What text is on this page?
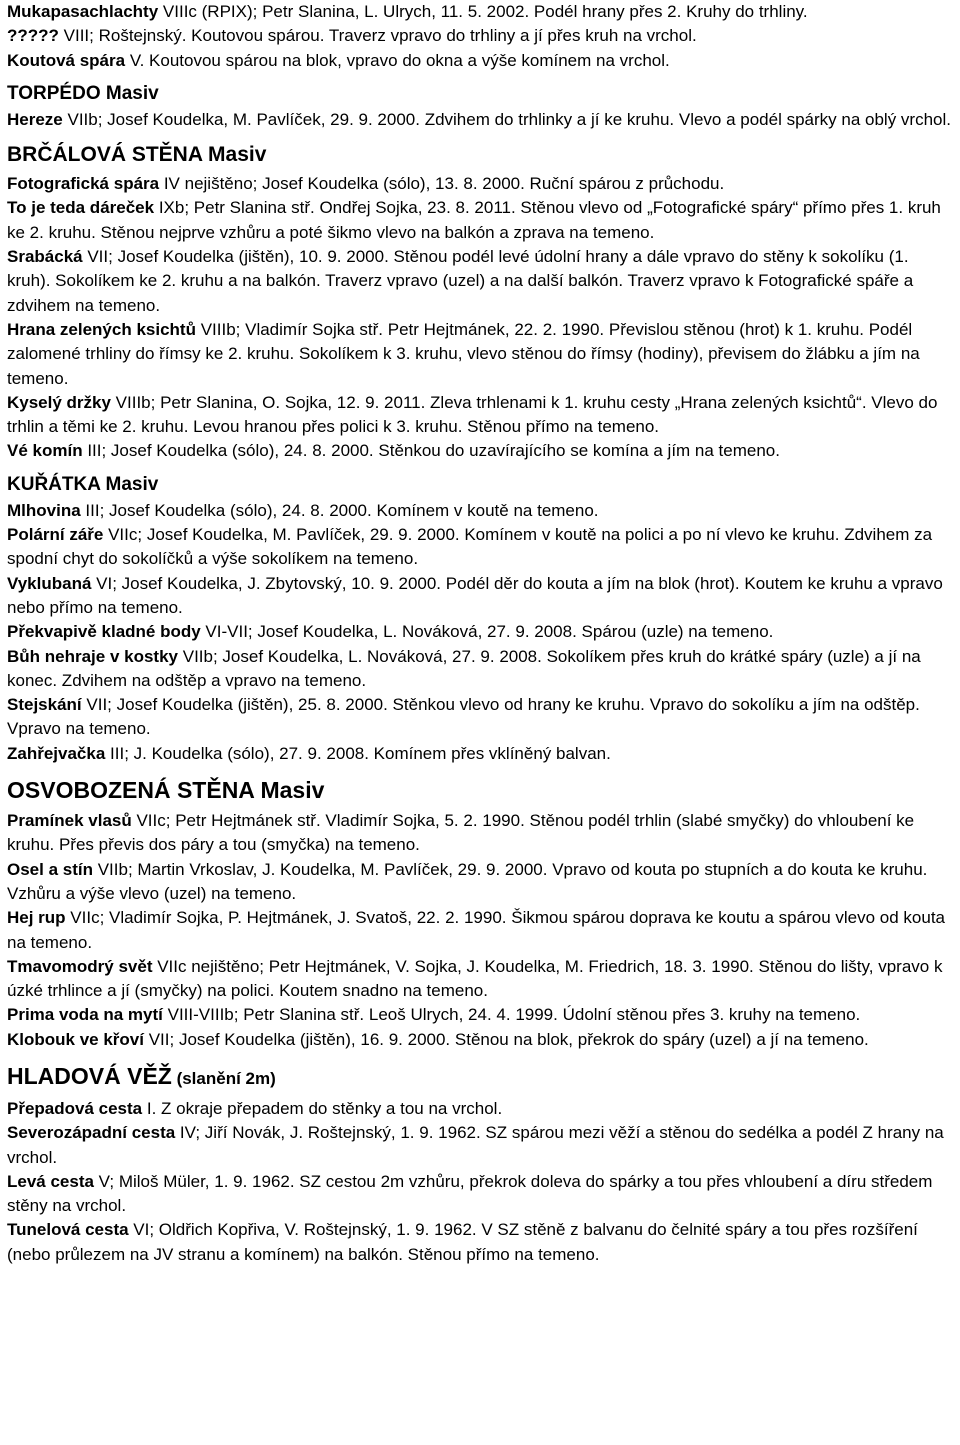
Mukapasachlachty VIIIc (RPIX); Petr Slanina, L. Ulrych, 11. 5. 2002. Podél hrany přes 2. Kruhy do trhliny.

????? VIII; Roštejnský. Koutovou spárou. Traverz vpravo do trhliny a jí přes kruh na vrchol.

Koutová spára V. Koutovou spárou na blok, vpravo do okna a výše komínem na vrchol.

TORPÉDO Masiv

Hereze VIIb; Josef Koudelka, M. Pavlíček, 29. 9. 2000. Zdvihem do trhlinky a jí ke kruhu. Vlevo a podél spárky na oblý vrchol.

BRČÁLOVÁ STĚNA Masiv

Fotografická spára IV nejištěno; Josef Koudelka (sólo), 13. 8. 2000. Ruční spárou z průchodu.

To je teda dáreček IXb; Petr Slanina stř. Ondřej Sojka, 23. 8. 2011. Stěnou vlevo od „Fotografické spáry“ přímo přes 1. kruh ke 2. kruhu. Stěnou nejprve vzhůru a poté šikmo vlevo na balkón a zprava na temeno.

Srabácká VII; Josef Koudelka (jištěn), 10. 9. 2000. Stěnou podél levé údolní hrany a dále vpravo do stěny k sokolíku (1. kruh). Sokolíkem ke 2. kruhu a na balkón. Traverz vpravo (uzel) a na další balkón. Traverz vpravo k Fotografické spáře a zdvihem na temeno.

Hrana zelených ksichtů VIIIb; Vladimír Sojka stř. Petr Hejtmánek, 22. 2. 1990. Převislou stěnou (hrot) k 1. kruhu. Podél zalomené trhliny do římsy ke 2. kruhu. Sokolíkem k 3. kruhu, vlevo stěnou do římsy (hodiny), převisem do žlábku a jím na temeno.

Kyselý držky VIIIb; Petr Slanina, O. Sojka, 12. 9. 2011. Zleva trhlenami k 1. kruhu cesty „Hrana zelených ksichtů“. Vlevo do trhlin a těmi ke 2. kruhu. Levou hranou přes polici k 3. kruhu. Stěnou přímo na temeno.

Vé komín III; Josef Koudelka (sólo), 24. 8. 2000. Stěnkou do uzavírajícího se komína a jím na temeno.

KUŘÁTKA Masiv

Mlhovina III; Josef Koudelka (sólo), 24. 8. 2000. Komínem v koutě na temeno.

Polární záře VIIc; Josef Koudelka, M. Pavlíček, 29. 9. 2000. Komínem v koutě na polici a po ní vlevo ke kruhu. Zdvihem za spodní chyt do sokolíčků a výše sokolíkem na temeno.

Vyklubaná VI; Josef Koudelka, J. Zbytovský, 10. 9. 2000. Podél děr do kouta a jím na blok (hrot). Koutem ke kruhu a vpravo nebo přímo na temeno.

Překvapivě kladné body VI-VII; Josef Koudelka, L. Nováková, 27. 9. 2008. Spárou (uzle) na temeno.

Bůh nehraje v kostky VIIb; Josef Koudelka, L. Nováková, 27. 9. 2008. Sokolíkem přes kruh do krátké spáry (uzle) a jí na konec. Zdvihem na odštěp a vpravo na temeno.

Stejskání VII; Josef Koudelka (jištěn), 25. 8. 2000. Stěnkou vlevo od hrany ke kruhu. Vpravo do sokolíku a jím na odštěp. Vpravo na temeno.

Zahřejvačka III; J. Koudelka (sólo), 27. 9. 2008. Komínem přes vklíněný balvan.

OSVOBOZENÁ STĚNA Masiv

Pramínek vlasů VIIc; Petr Hejtmánek stř. Vladimír Sojka, 5. 2. 1990. Stěnou podél trhlin (slabé smyčky) do vhloubení ke kruhu. Přes převis dos páry a tou (smyčka) na temeno.

Osel a stín VIIb; Martin Vrkoslav, J. Koudelka, M. Pavlíček, 29. 9. 2000. Vpravo od kouta po stupních a do kouta ke kruhu. Vzhůru a výše vlevo (uzel) na temeno.

Hej rup VIIc; Vladimír Sojka, P. Hejtmánek, J. Svatoš, 22. 2. 1990. Šikmou spárou doprava ke koutu a spárou vlevo od kouta na temeno.

Tmavomodrý svět VIIc nejištěno; Petr Hejtmánek, V. Sojka, J. Koudelka, M. Friedrich, 18. 3. 1990. Stěnou do lišty, vpravo k úzké trhlince a jí (smyčky) na polici. Koutem snadno na temeno.

Prima voda na mytí VIII-VIIIb; Petr Slanina stř. Leoš Ulrych, 24. 4. 1999. Údolní stěnou přes 3. kruhy na temeno.

Klobouk ve křoví VII; Josef Koudelka (jištěn), 16. 9. 2000. Stěnou na blok, překrok do spáry (uzel) a jí na temeno.

HLADOVÁ VĚŽ (slanění 2m)

Přepadová cesta I. Z okraje přepadem do stěnky a tou na vrchol.

Severozápadní cesta IV; Jiří Novák, J. Roštejnský, 1. 9. 1962. SZ spárou mezi věží a stěnou do sedélka a podél Z hrany na vrchol.

Levá cesta V; Miloš Müler, 1. 9. 1962. SZ cestou 2m vzhůru, překrok doleva do spárky a tou přes vhloubení a díru středem stěny na vrchol.

Tunelová cesta VI; Oldřich Kopřiva, V. Roštejnský, 1. 9. 1962. V SZ stěně z balvanu do čelnité spáry a tou přes rozšíření (nebo průlezem na JV stranu a komínem) na balkón. Stěnou přímo na temeno.
